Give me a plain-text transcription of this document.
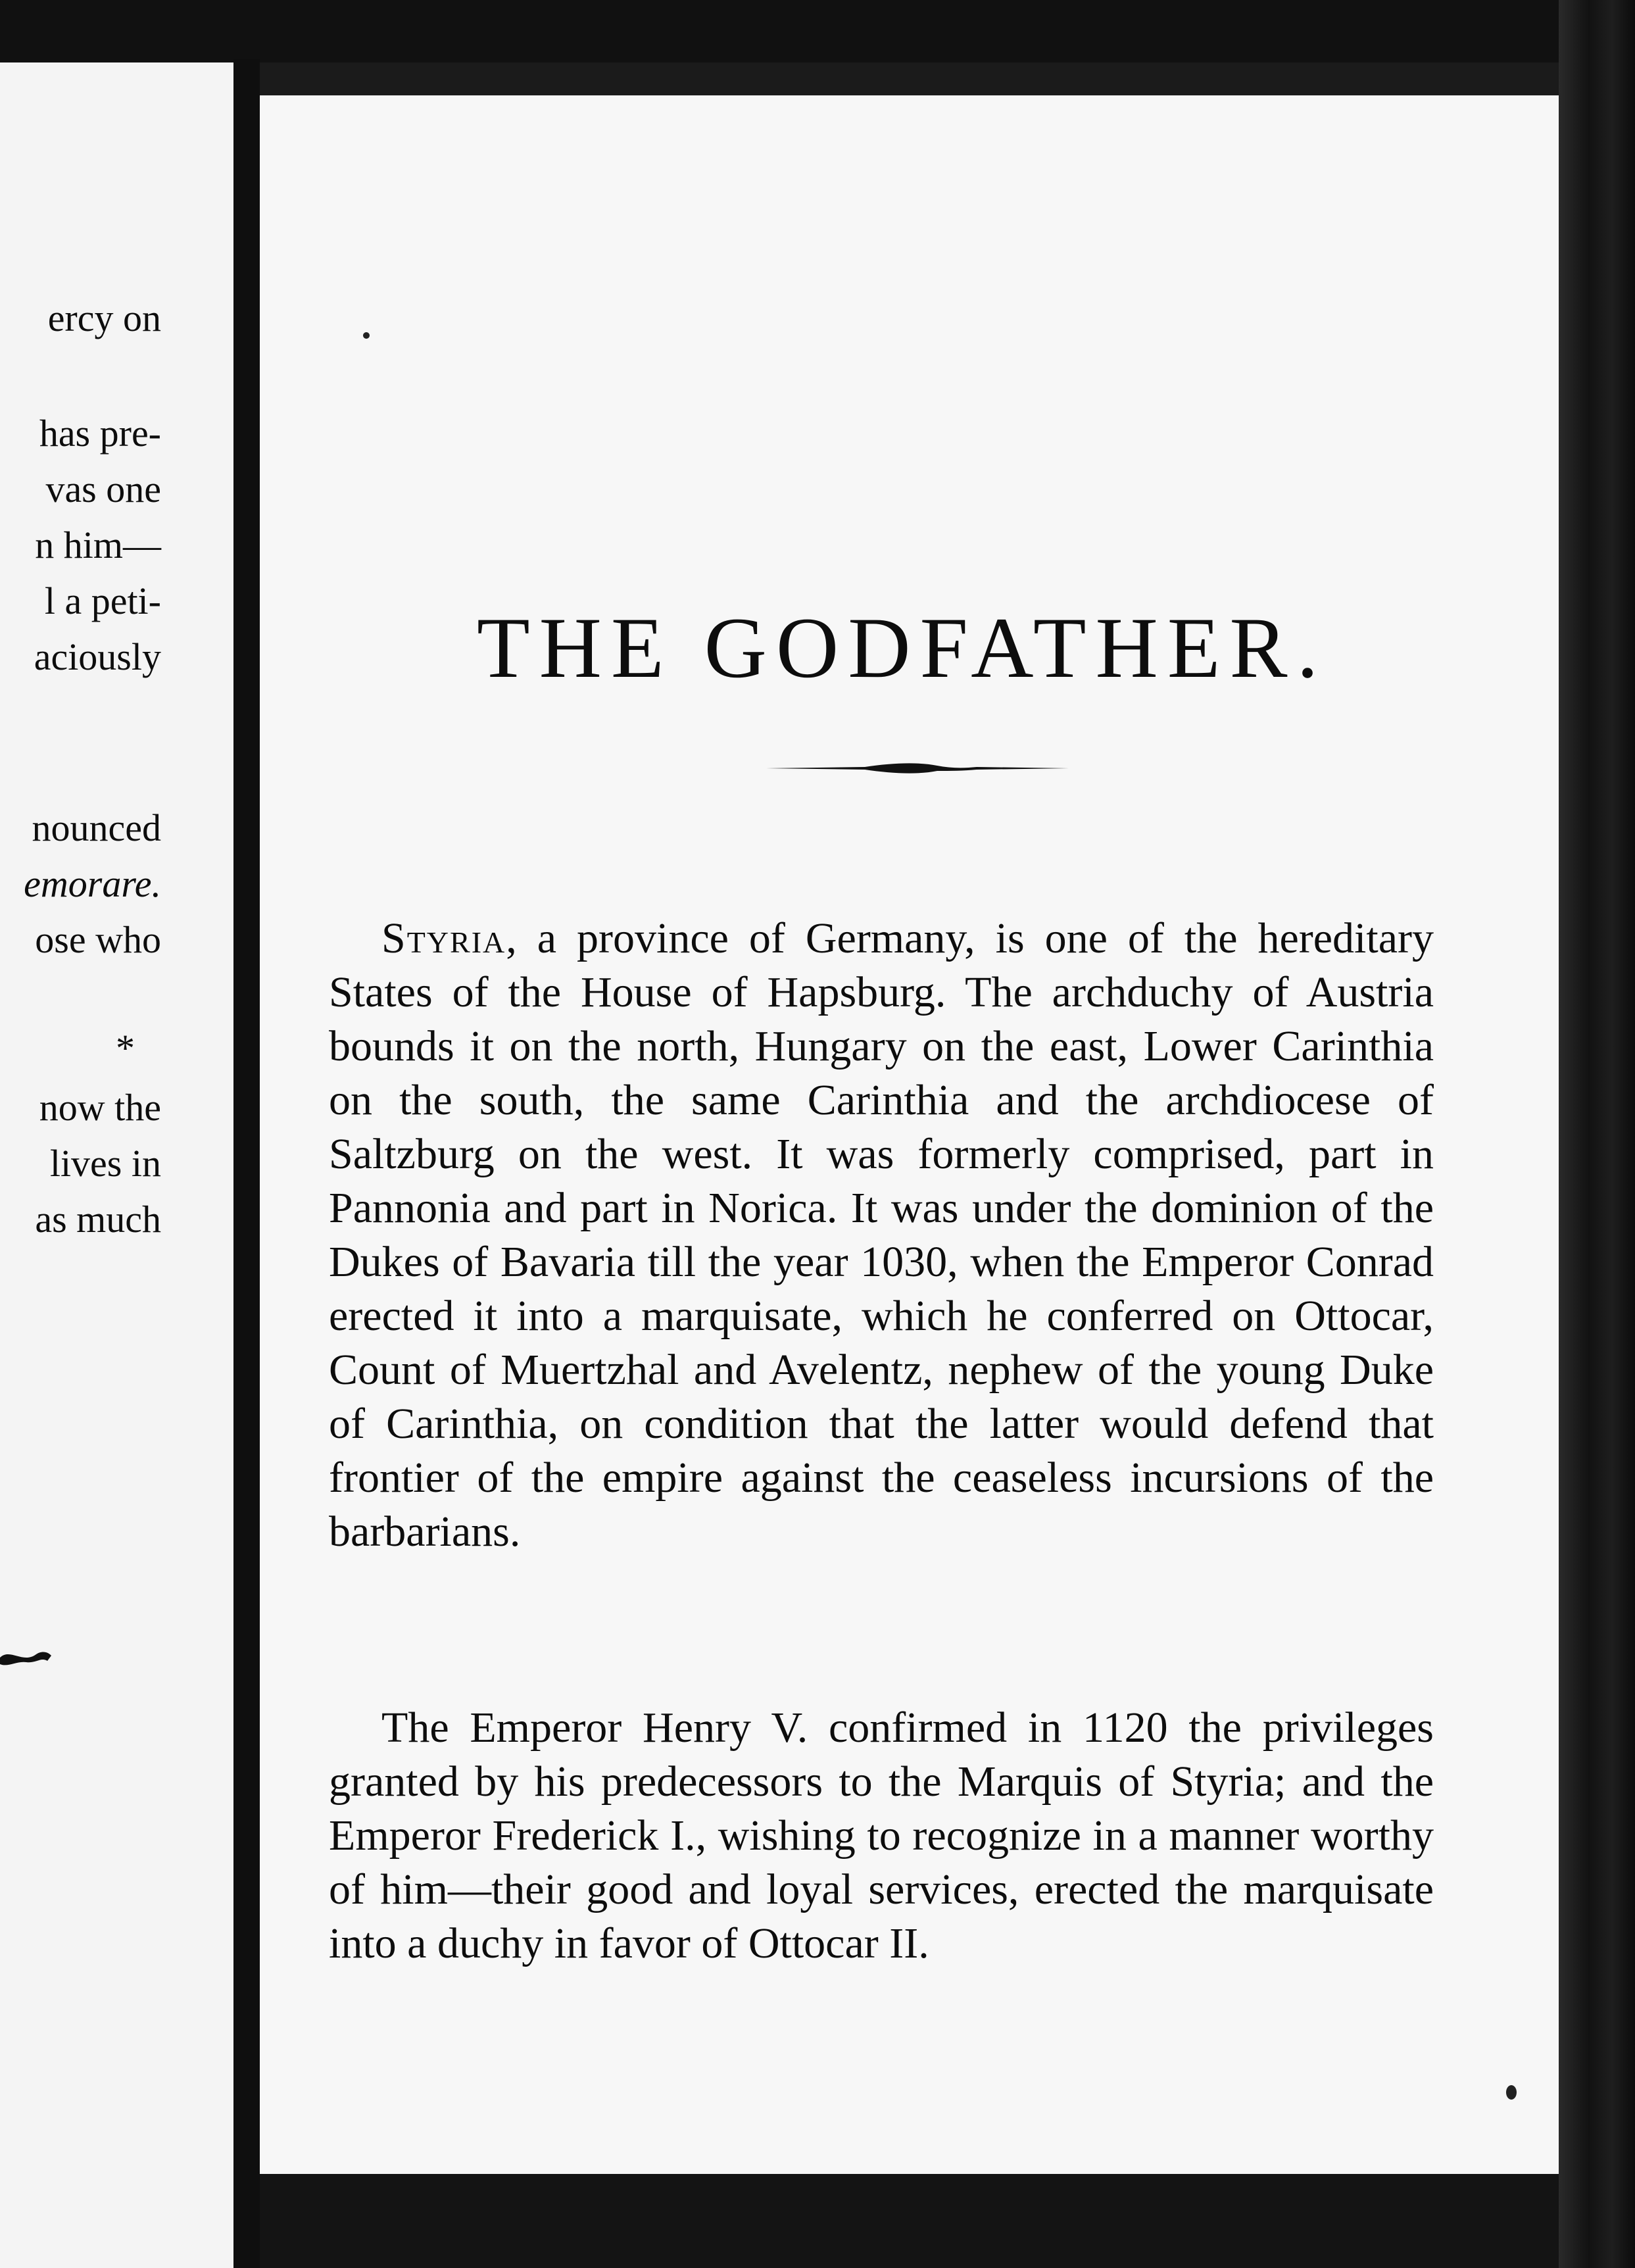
ercy on
has pre-
vas one
n him—
l a peti-
aciously
nounced
emorare.
ose who
*
now the
lives in
as much
THE GODFATHER.

Styria, a province of Germany, is one of the hereditary States of the House of Hapsburg. The archduchy of Austria bounds it on the north, Hungary on the east, Lower Carinthia on the south, the same Carinthia and the archdiocese of Saltzburg on the west. It was formerly comprised, part in Pannonia and part in Norica. It was under the dominion of the Dukes of Bavaria till the year 1030, when the Emperor Conrad erected it into a marquisate, which he conferred on Ottocar, Count of Muertzhal and Avelentz, nephew of the young Duke of Carinthia, on condition that the latter would defend that frontier of the empire against the ceaseless incursions of the barbarians.

The Emperor Henry V. confirmed in 1120 the privileges granted by his predecessors to the Marquis of Styria; and the Emperor Frederick I., wishing to recognize in a manner worthy of him—their good and loyal services, erected the marquisate into a duchy in favor of Ottocar II.
